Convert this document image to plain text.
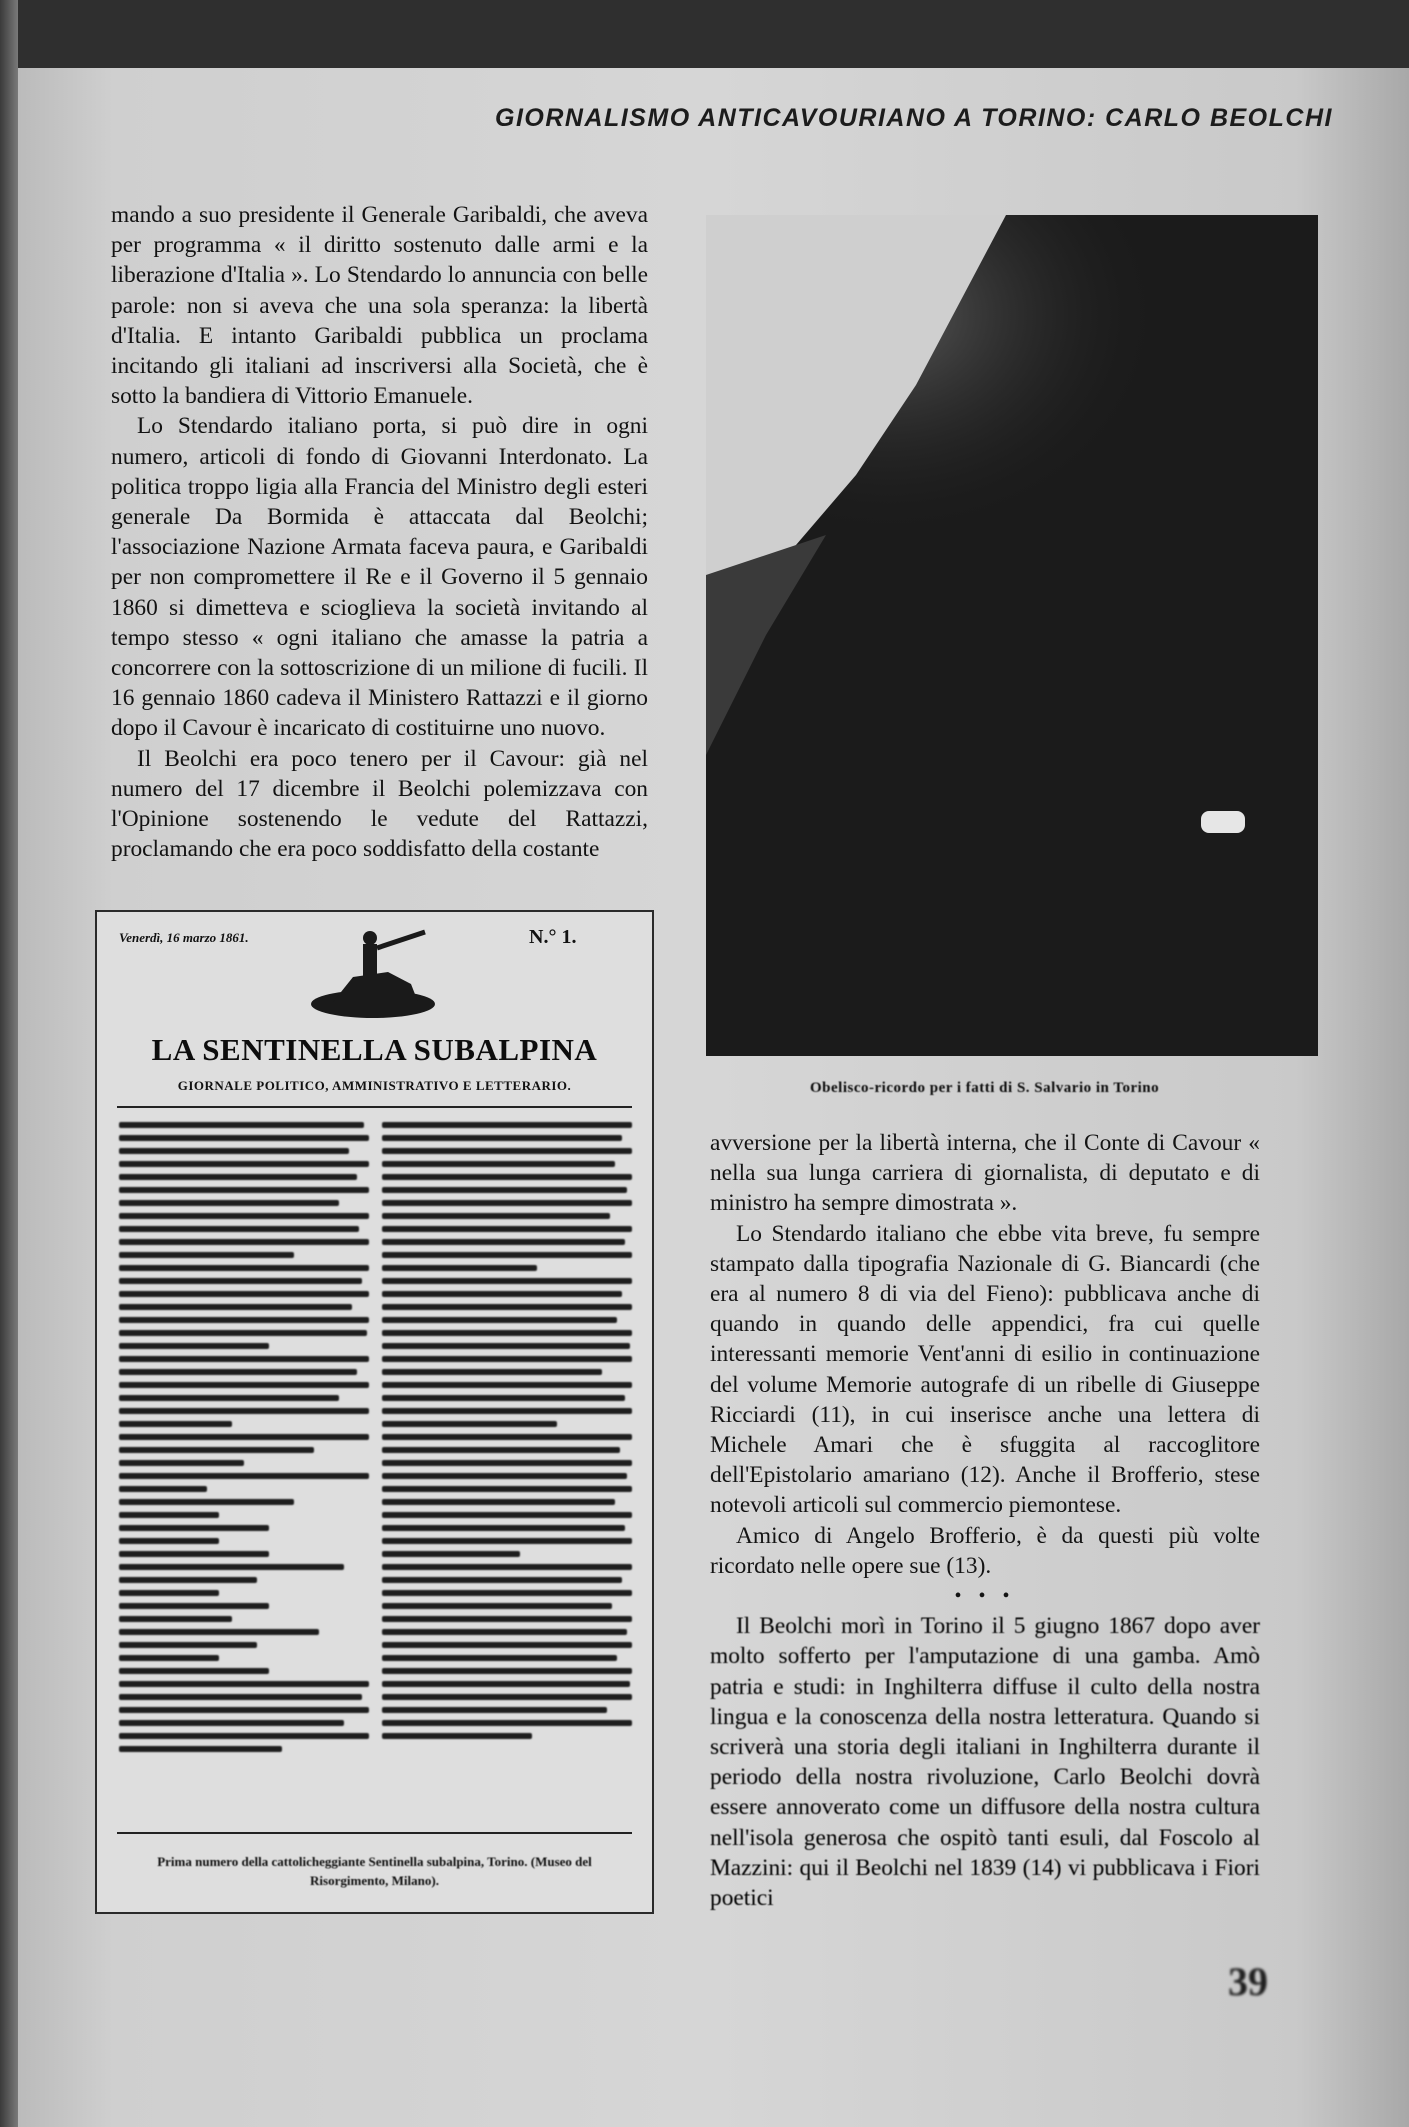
GIORNALISMO ANTICAVOURIANO A TORINO: CARLO BEOLCHI

mando a suo presidente il Generale Garibaldi, che aveva per programma « il diritto sostenuto dalle armi e la liberazione d'Italia ». Lo Stendardo lo annuncia con belle parole: non si aveva che una sola speranza: la libertà d'Italia. E intanto Garibaldi pubblica un proclama incitando gli italiani ad inscriversi alla Società, che è sotto la bandiera di Vittorio Emanuele.

Lo Stendardo italiano porta, si può dire in ogni numero, articoli di fondo di Giovanni Interdonato. La politica troppo ligia alla Francia del Ministro degli esteri generale Da Bormida è attaccata dal Beolchi; l'associazione Nazione Armata faceva paura, e Garibaldi per non compromettere il Re e il Governo il 5 gennaio 1860 si dimetteva e scioglieva la società invitando al tempo stesso « ogni italiano che amasse la patria a concorrere con la sottoscrizione di un milione di fucili. Il 16 gennaio 1860 cadeva il Ministero Rattazzi e il giorno dopo il Cavour è incaricato di costituirne uno nuovo.

Il Beolchi era poco tenero per il Cavour: già nel numero del 17 dicembre il Beolchi polemizzava con l'Opinione sostenendo le vedute del Rattazzi, proclamando che era poco soddisfatto della costante

Obelisco-ricordo per i fatti di S. Salvario in Torino
Venerdì, 16 marzo 1861.	N.° 1.
LA SENTINELLA SUBALPINA
GIORNALE POLITICO, AMMINISTRATIVO E LETTERARIO.
Prima numero della cattolicheggiante Sentinella subalpina, Torino. (Museo del Risorgimento, Milano).

avversione per la libertà interna, che il Conte di Cavour « nella sua lunga carriera di giornalista, di deputato e di ministro ha sempre dimostrata ».

Lo Stendardo italiano che ebbe vita breve, fu sempre stampato dalla tipografia Nazionale di G. Biancardi (che era al numero 8 di via del Fieno): pubblicava anche di quando in quando delle appendici, fra cui quelle interessanti memorie Vent'anni di esilio in continuazione del volume Memorie autografe di un ribelle di Giuseppe Ricciardi (11), in cui inserisce anche una lettera di Michele Amari che è sfuggita al raccoglitore dell'Epistolario amariano (12). Anche il Brofferio, stese notevoli articoli sul commercio piemontese.

Amico di Angelo Brofferio, è da questi più volte ricordato nelle opere sue (13).

• • •

Il Beolchi morì in Torino il 5 giugno 1867 dopo aver molto sofferto per l'amputazione di una gamba. Amò patria e studi: in Inghilterra diffuse il culto della nostra lingua e la conoscenza della nostra letteratura. Quando si scriverà una storia degli italiani in Inghilterra durante il periodo della nostra rivoluzione, Carlo Beolchi dovrà essere annoverato come un diffusore della nostra cultura nell'isola generosa che ospitò tanti esuli, dal Foscolo al Mazzini: qui il Beolchi nel 1839 (14) vi pubblicava i Fiori poetici

39
